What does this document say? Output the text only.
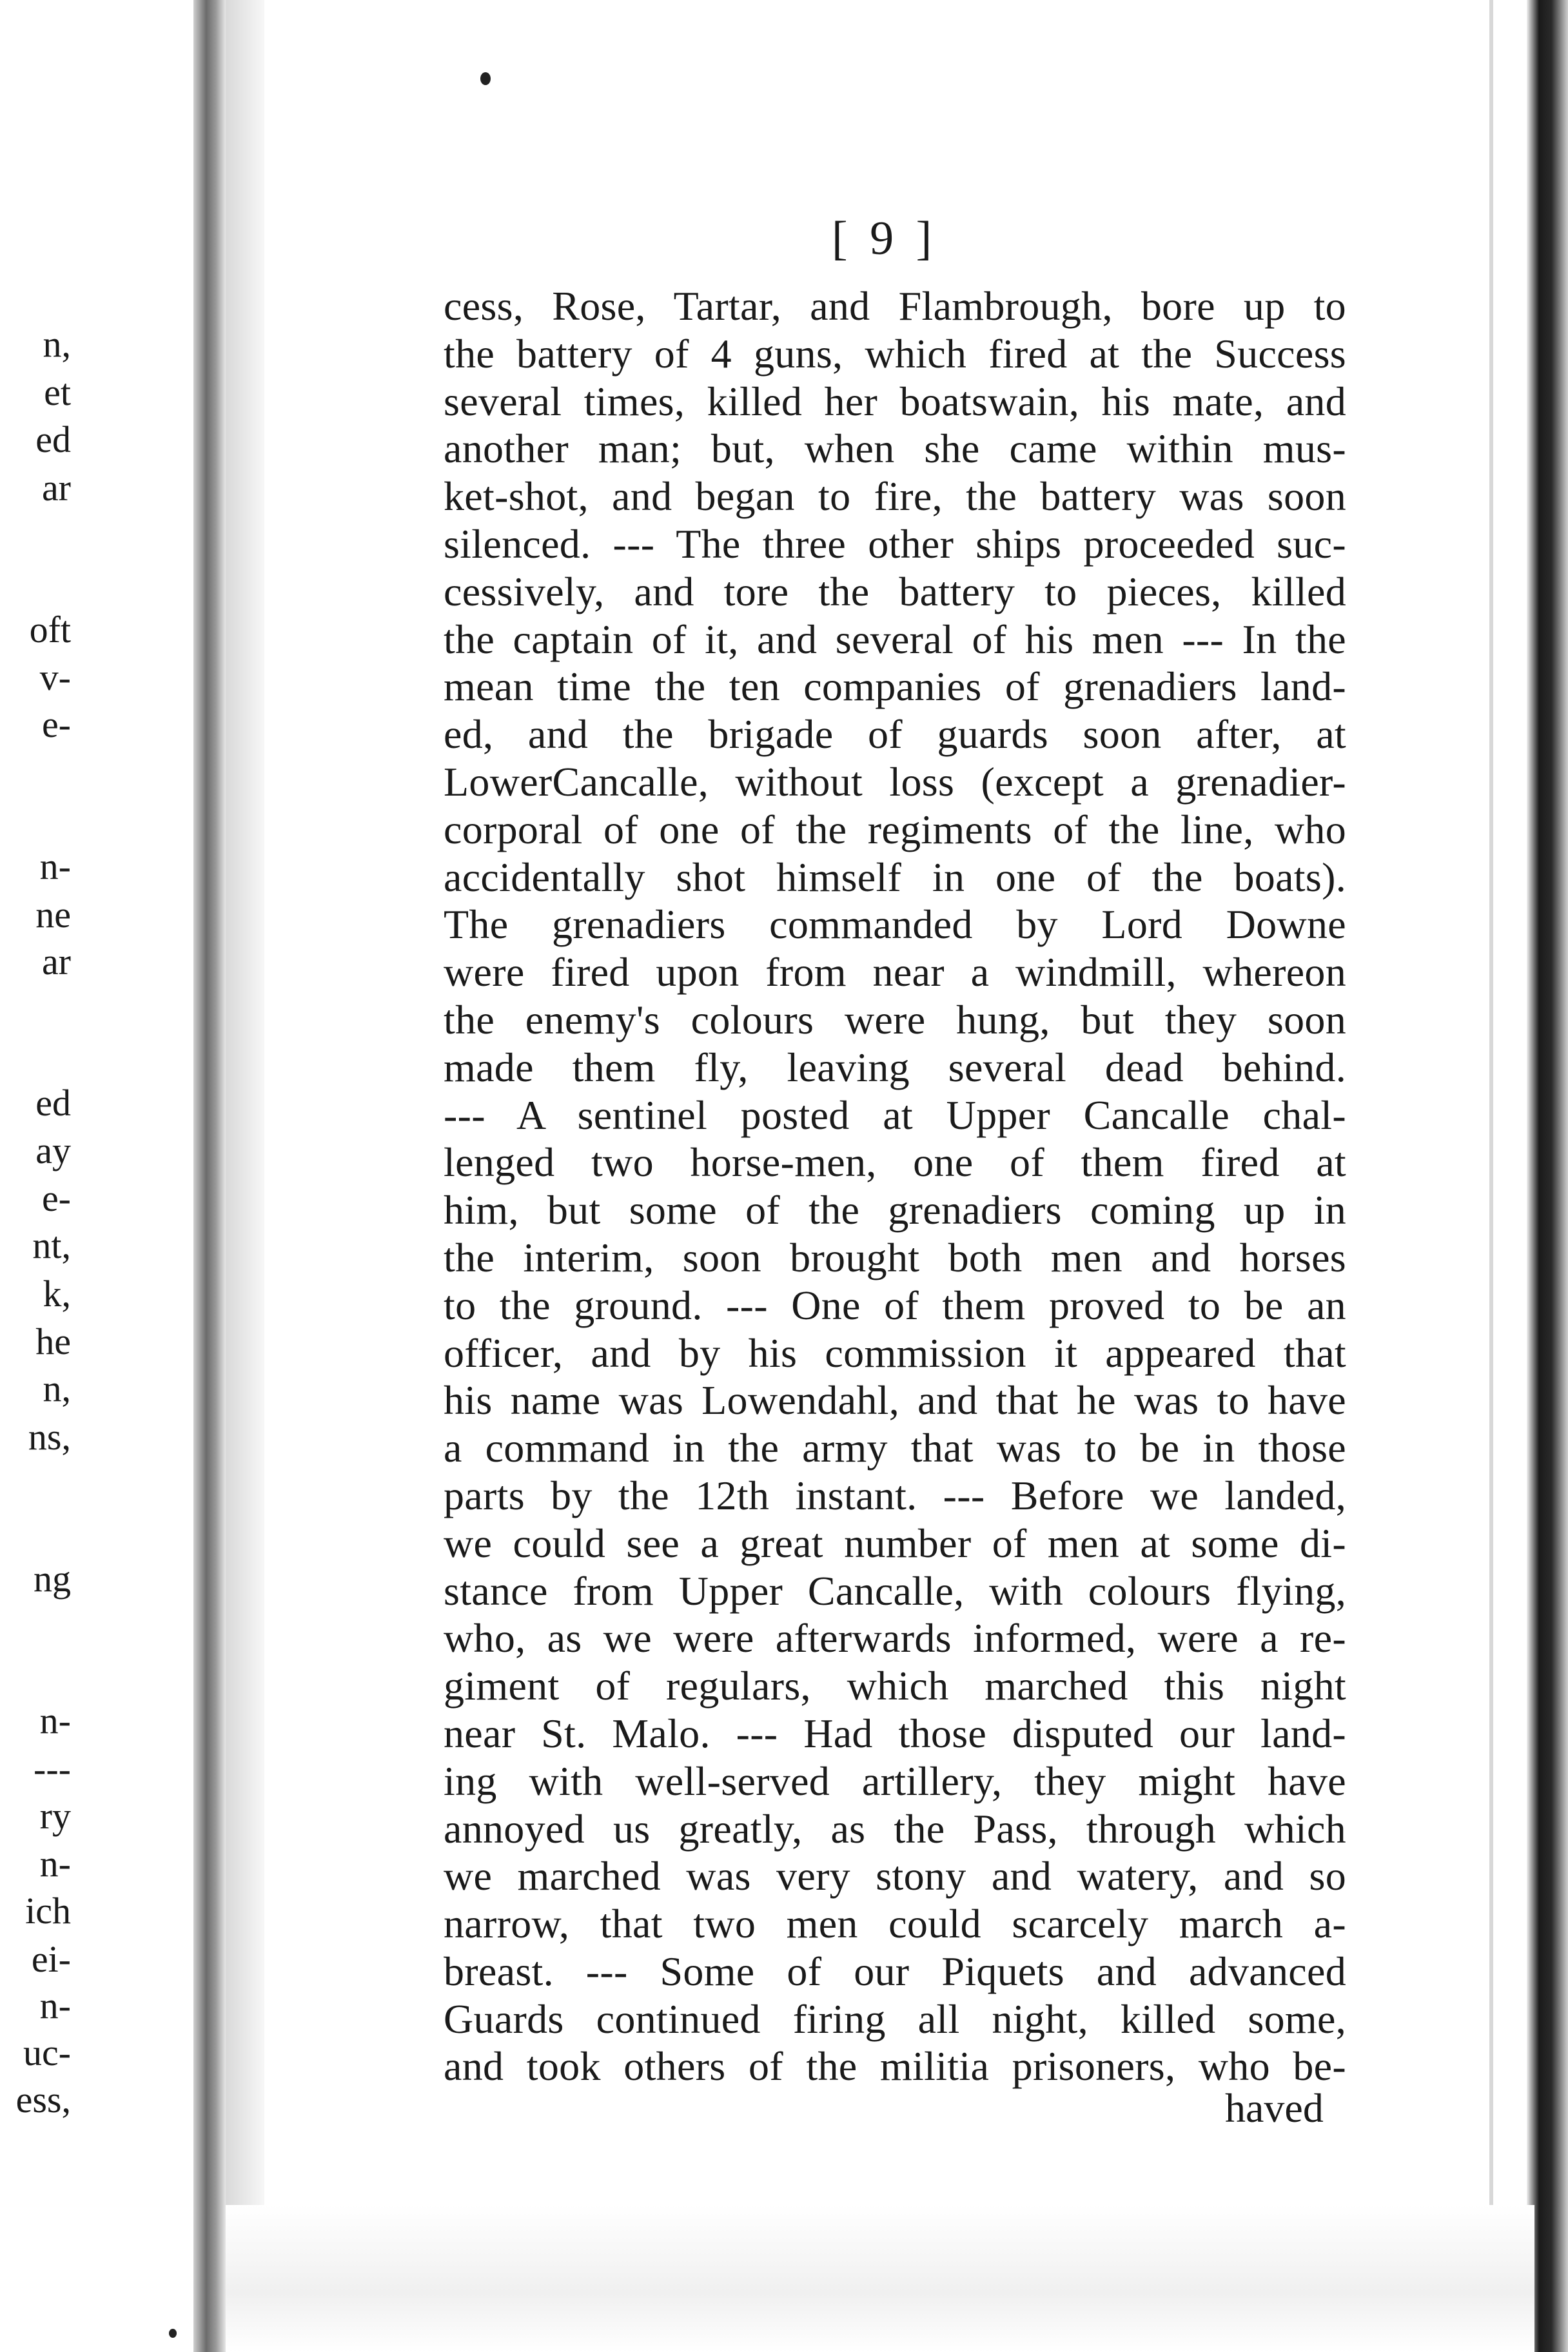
n,
et
ed
ar
oft
v-
e-
n-
ne
ar
ed
ay
e-
nt,
k,
he
n,
ns,
ng
n-
---
ry
n-
ich
ei-
n-
uc-
ess,
[ 9 ]
cess, Rose, Tartar, and Flambrough, bore up to
the battery of 4 guns, which fired at the Success
several times, killed her boatswain, his mate, and
another man; but, when she came within mus-
ket-shot, and began to fire, the battery was soon
silenced. --- The three other ships proceeded suc-
cessively, and tore the battery to pieces, killed
the captain of it, and several of his men --- In the
mean time the ten companies of grenadiers land-
ed, and the brigade of guards soon after, at
LowerCancalle, without loss (except a grenadier-
corporal of one of the regiments of the line, who
accidentally shot himself in one of the boats).
The grenadiers commanded by Lord Downe
were fired upon from near a windmill, whereon
the enemy's colours were hung, but they soon
made them fly, leaving several dead behind.
--- A sentinel posted at Upper Cancalle chal-
lenged two horse-men, one of them fired at
him, but some of the grenadiers coming up in
the interim, soon brought both men and horses
to the ground. --- One of them proved to be an
officer, and by his commission it appeared that
his name was Lowendahl, and that he was to have
a command in the army that was to be in those
parts by the 12th instant. --- Before we landed,
we could see a great number of men at some di-
stance from Upper Cancalle, with colours flying,
who, as we were afterwards informed, were a re-
giment of regulars, which marched this night
near St. Malo. --- Had those disputed our land-
ing with well-served artillery, they might have
annoyed us greatly, as the Pass, through which
we marched was very stony and watery, and so
narrow, that two men could scarcely march a-
breast. --- Some of our Piquets and advanced
Guards continued firing all night, killed some,
and took others of the militia prisoners, who be-
haved
